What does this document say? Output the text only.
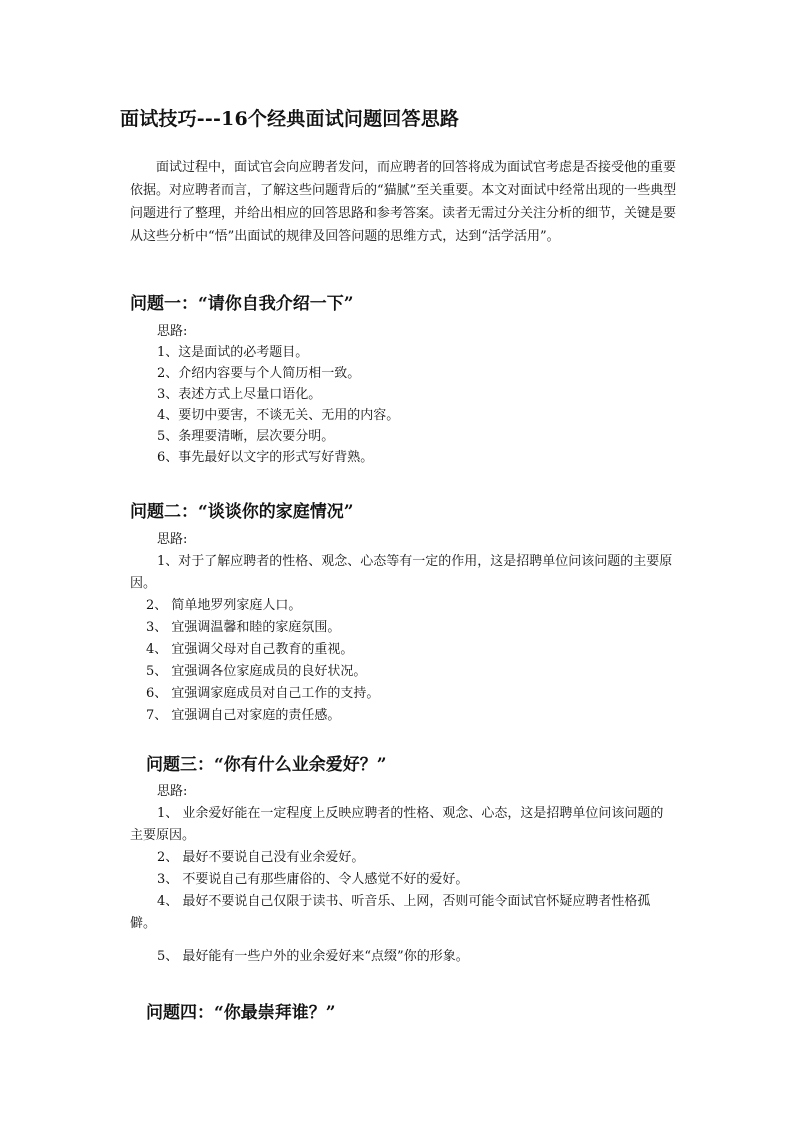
面试技巧---16个经典面试问题回答思路

面试过程中，面试官会向应聘者发问，而应聘者的回答将成为面试官考虑是否接受他的重要依据。对应聘者而言，了解这些问题背后的“猫腻”至关重要。本文对面试中经常出现的一些典型问题进行了整理，并给出相应的回答思路和参考答案。读者无需过分关注分析的细节，关键是要从这些分析中“悟”出面试的规律及回答问题的思维方式，达到“活学活用”。

问题一：“请你自我介绍一下”
思路:
1、这是面试的必考题目。
2、介绍内容要与个人简历相一致。
3、表述方式上尽量口语化。
4、要切中要害，不谈无关、无用的内容。
5、条理要清晰，层次要分明。
6、事先最好以文字的形式写好背熟。
问题二：“谈谈你的家庭情况”
思路:
1、对于了解应聘者的性格、观念、心态等有一定的作用，这是招聘单位问该问题的主要原因。
2、 简单地罗列家庭人口。
3、 宜强调温馨和睦的家庭氛围。
4、 宜强调父母对自己教育的重视。
5、 宜强调各位家庭成员的良好状况。
6、 宜强调家庭成员对自己工作的支持。
7、 宜强调自己对家庭的责任感。
问题三：“你有什么业余爱好？”
思路:
1、 业余爱好能在一定程度上反映应聘者的性格、观念、心态，这是招聘单位问该问题的主要原因。
2、 最好不要说自己没有业余爱好。
3、 不要说自己有那些庸俗的、令人感觉不好的爱好。
4、 最好不要说自己仅限于读书、听音乐、上网，否则可能令面试官怀疑应聘者性格孤僻。
5、 最好能有一些户外的业余爱好来“点缀”你的形象。
问题四：“你最崇拜谁？”
